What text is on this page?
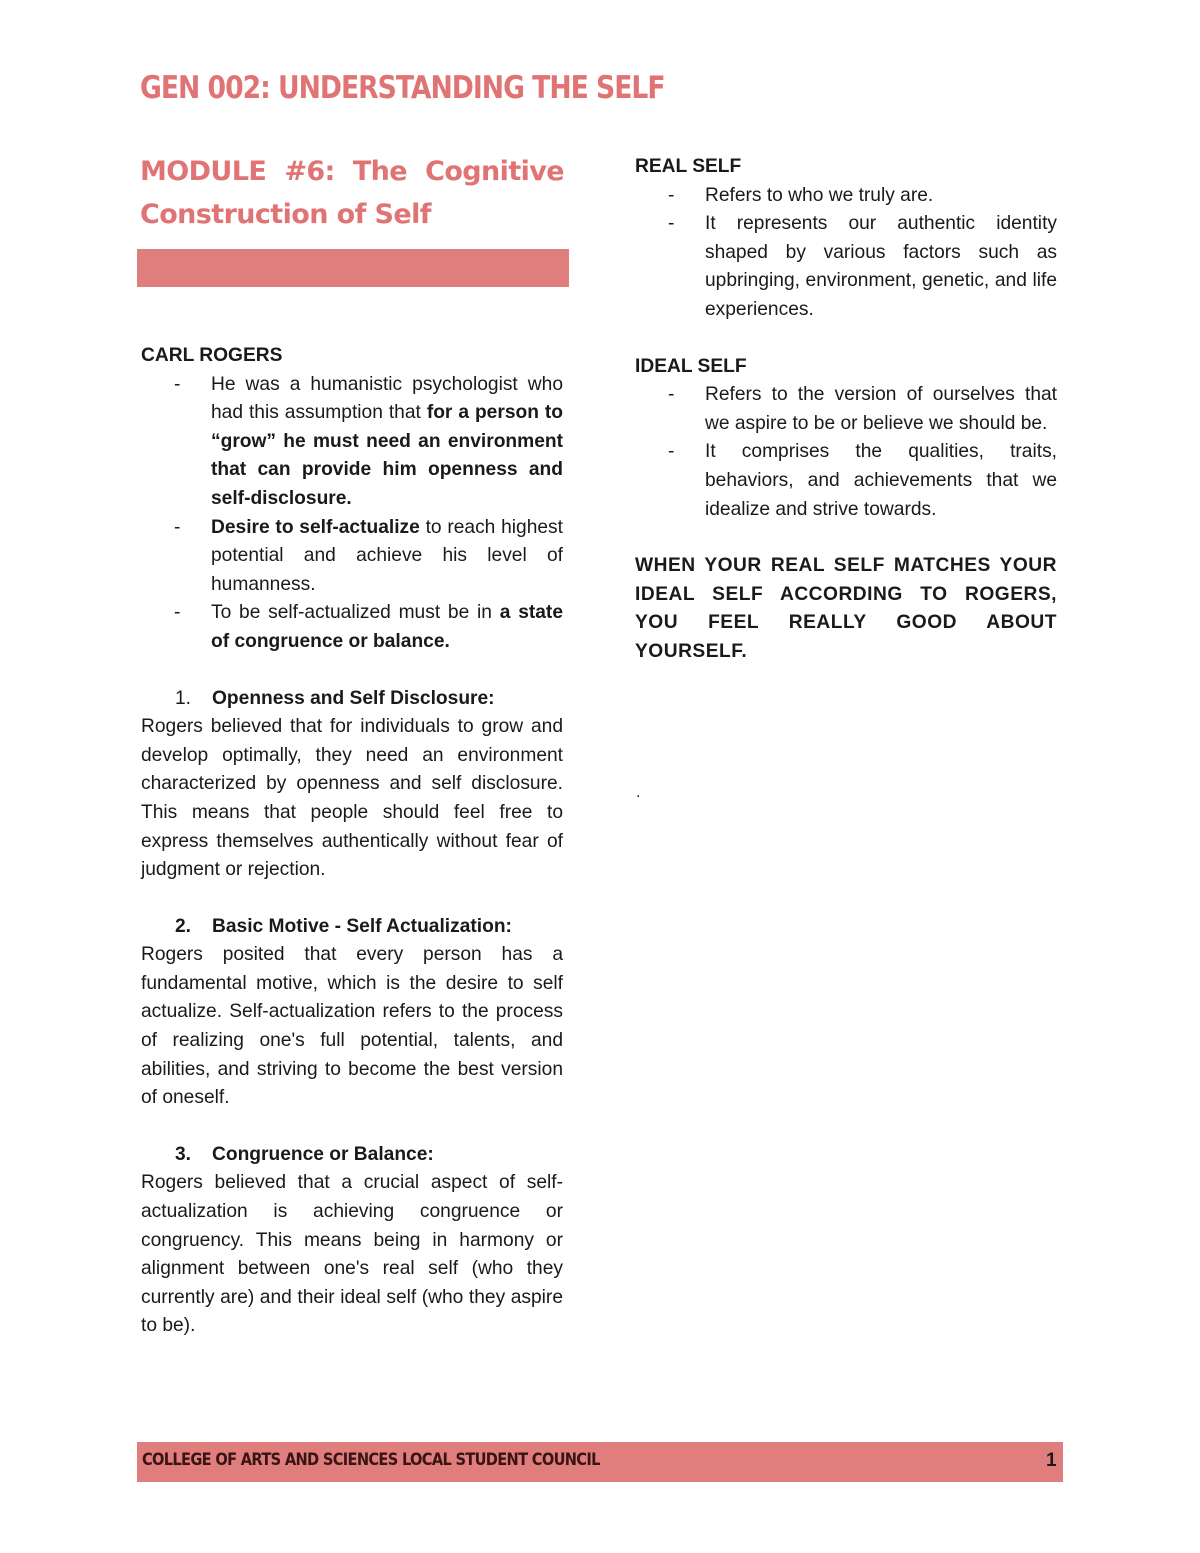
GEN 002: UNDERSTANDING THE SELF
MODULE #6: The Cognitive Construction of Self

CARL ROGERS

- He was a humanistic psychologist who had this assumption that for a person to “grow” he must need an environment that can provide him openness and self-disclosure.
- Desire to self-actualize to reach highest potential and achieve his level of humanness.
- To be self-actualized must be in a state of congruence or balance.

1. Openness and Self Disclosure:

Rogers believed that for individuals to grow and develop optimally, they need an environment characterized by openness and self disclosure. This means that people should feel free to express themselves authentically without fear of judgment or rejection.

2. Basic Motive - Self Actualization:

Rogers posited that every person has a fundamental motive, which is the desire to self actualize. Self-actualization refers to the process of realizing one's full potential, talents, and abilities, and striving to become the best version of oneself.

3. Congruence or Balance:

Rogers believed that a crucial aspect of self-actualization is achieving congruence or congruency. This means being in harmony or alignment between one's real self (who they currently are) and their ideal self (who they aspire to be).

REAL SELF

- Refers to who we truly are.
- It represents our authentic identity shaped by various factors such as upbringing, environment, genetic, and life experiences.

IDEAL SELF

- Refers to the version of ourselves that we aspire to be or believe we should be.
- It comprises the qualities, traits, behaviors, and achievements that we idealize and strive towards.

WHEN YOUR REAL SELF MATCHES YOUR IDEAL SELF ACCORDING TO ROGERS, YOU FEEL REALLY GOOD ABOUT YOURSELF.

.

COLLEGE OF ARTS AND SCIENCES LOCAL STUDENT COUNCIL	1
